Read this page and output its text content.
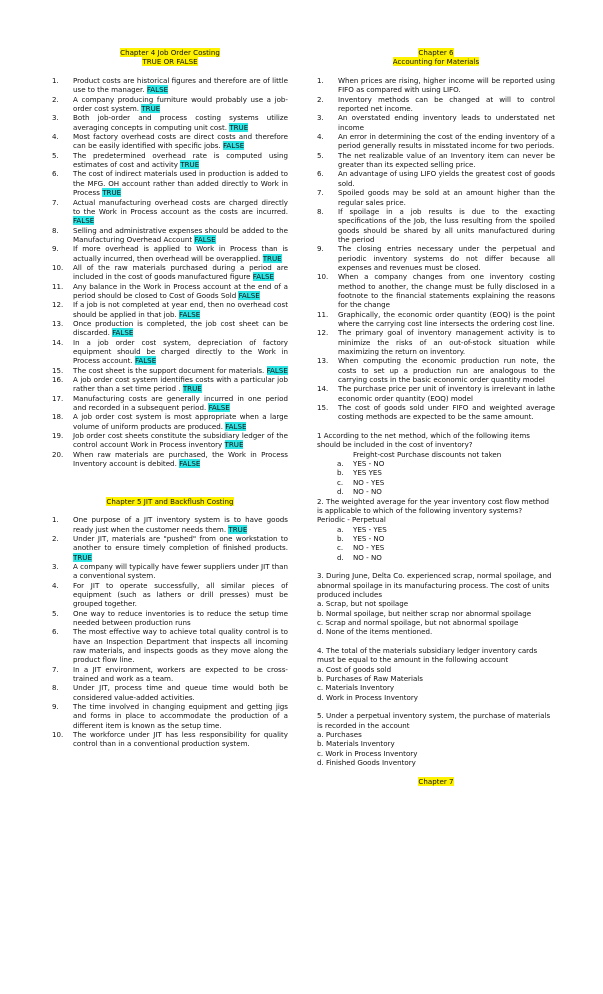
Chapter 4 Job Order Costing
TRUE OR FALSE

1. Product costs are historical figures and therefore are of little use to the manager. FALSE
2. A company producing furniture would probably use a job-order cost system. TRUE
3. Both job-order and process costing systems utilize averaging concepts in computing unit cost. TRUE
4. Most factory overhead costs are direct costs and therefore can be easily identified with specific jobs. FALSE
5. The predetermined overhead rate is computed using estimates of cost and activity TRUE
6. The cost of indirect materials used in production is added to the MFG. OH account rather than added directly to Work in Process TRUE
7. Actual manufacturing overhead costs are charged directly to the Work in Process account as the costs are incurred. FALSE
8. Selling and administrative expenses should be added to the Manufacturing Overhead Account FALSE
9. If more overhead is applied to Work in Process than is actually incurred, then overhead will be overapplied. TRUE
10. All of the raw materials purchased during a period are included in the cost of goods manufactured figure FALSE
11. Any balance in the Work in Process account at the end of a period should be closed to Cost of Goods Sold FALSE
12. If a job is not completed at year end, then no overhead cost should be applied in that job. FALSE
13. Once production is completed, the job cost sheet can be discarded. FALSE
14. In a job order cost system, depreciation of factory equipment should be charged directly to the Work in Process account. FALSE
15. The cost sheet is the support document for materials. FALSE
16. A job order cost system identifies costs with a particular job rather than a set time period . TRUE
17. Manufacturing costs are generally incurred in one period and recorded in a subsequent period. FALSE
18. A job order cost system is most appropriate when a large volume of uniform products are produced. FALSE
19. Job order cost sheets constitute the subsidiary ledger of the control account Work in Process inventory TRUE
20. When raw materials are purchased, the Work in Process Inventory account is debited. FALSE

Chapter 5 JIT and Backflush Costing

1. One purpose of a JIT inventory system is to have goods ready just when the customer needs them. TRUE
2. Under JIT, materials are "pushed" from one workstation to another to ensure timely completion of finished products. TRUE
3. A company will typically have fewer suppliers under JIT than a conventional system.
4. For JIT to operate successfully, all similar pieces of equipment (such as lathers or drill presses) must be grouped together.
5. One way to reduce inventories is to reduce the setup time needed between production runs
6. The most effective way to achieve total quality control is to have an Inspection Department that inspects all incoming raw materials, and inspects goods as they move along the product flow line.
7. In a JIT environment, workers are expected to be cross-trained and work as a team.
8. Under JIT, process time and queue time would both be considered value-added activities.
9. The time involved in changing equipment and getting jigs and forms in place to accommodate the production of a different item is known as the setup time.
10. The workforce under JIT has less responsibility for quality control than in a conventional production system.

Chapter 6
Accounting for Materials

1. When prices are rising, higher income will be reported using FIFO as compared with using LIFO.
2. Inventory methods can be changed at will to control reported net income.
3. An overstated ending inventory leads to understated net income
4. An error in determining the cost of the ending inventory of a period generally results in misstated income for two periods.
5. The net realizable value of an Inventory item can never be greater than its expected selling price.
6. An advantage of using LIFO yields the greatest cost of goods sold.
7. Spoiled goods may be sold at an amount higher than the regular sales price.
8. If spoilage in a job results is due to the exacting specifications of the Job, the luss resulting from the spoiled goods should be shared by all units manufactured during the period
9. The closing entries necessary under the perpetual and periodic inventory systems do not differ because all expenses and revenues must be closed.
10. When a company changes from one inventory costing method to another, the change must be fully disclosed in a footnote to the financial statements explaining the reasons for the change
11. Graphically, the economic order quantity (EOQ) is the point where the carrying cost line intersects the ordering cost line.
12. The primary goal of inventory management activity is to minimize the risks of an out-of-stock situation while maximizing the return on inventory.
13. When computing the economic production run note, the costs to set up a production run are analogous to the carrying costs in the basic economic order quantity model
14. The purchase price per unit of inventory is irrelevant in lathe economic order quantity (EOQ) model
15. The cost of goods sold under FIFO and weighted average costing methods are expected to be the same amount.

1 According to the net method, which of the following items should be included in the cost of inventory?

Freight-cost Purchase discounts not taken

a. YES - NO
b. YES YES
c. NO - YES
d. NO - NO

2. The weighted average for the year inventory cost flow method is applicable to which of the following inventory systems?

Periodic - Perpetual

a. YES - YES
b. YES - NO
c. NO - YES
d. NO - NO

3. During June, Delta Co. experienced scrap, normal spoilage, and abnormal spoilage in its manufacturing process. The cost of units produced includes

a. Scrap, but not spoilage
b. Normal spoilage, but neither scrap nor abnormal spoilage
c. Scrap and normal spoilage, but not abnormal spoilage
d. None of the items mentioned.

4. The total of the materials subsidiary ledger inventory cards must be equal to the amount in the following account

a. Cost of goods sold
b. Purchases of Raw Materials
c. Materials Inventory
d. Work in Process Inventory

5. Under a perpetual inventory system, the purchase of materials is recorded in the account

a. Purchases
b. Materials Inventory
c. Work in Process Inventory
d. Finished Goods Inventory

Chapter 7
